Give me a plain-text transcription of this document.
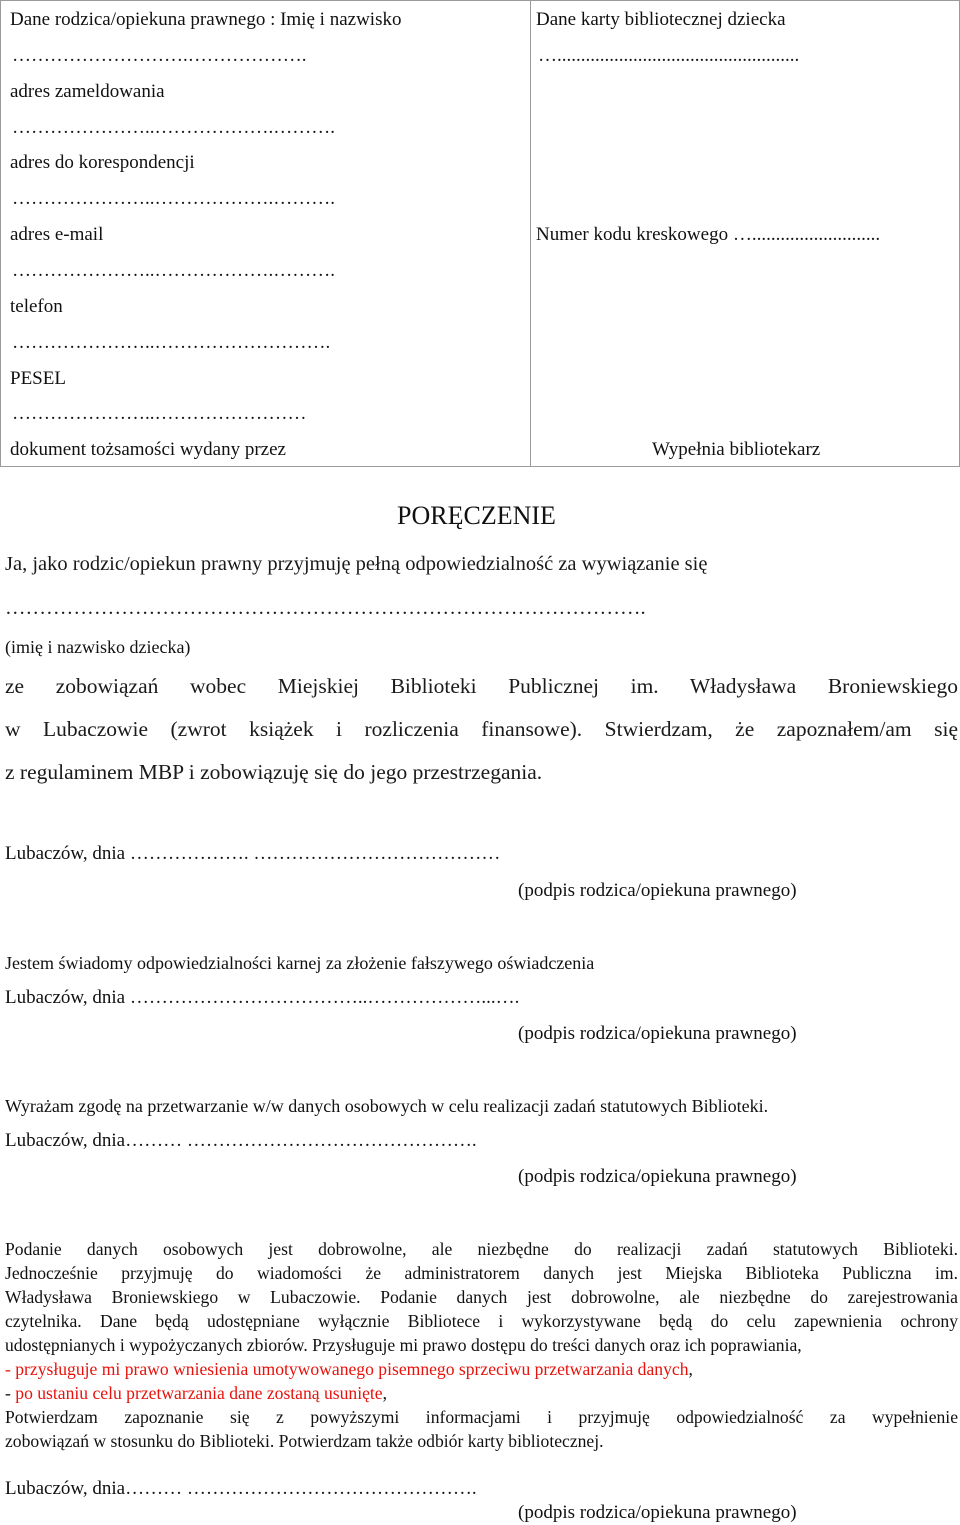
Dane rodzica/opiekuna prawnego : Imię i nazwisko
……………………….……………….
adres zameldowania
…………………..……………….……….
adres do korespondencji
…………………..……………….……….
adres e-mail
…………………..……………….……….
telefon
…………………..……………………….
PESEL
…………………..……………………
dokument tożsamości wydany przez
Dane karty bibliotecznej dziecka
…...................................................
Numer kodu kreskowego …...........................
Wypełnia bibliotekarz
PORĘCZENIE
Ja, jako rodzic/opiekun prawny przyjmuję pełną odpowiedzialność za wywiązanie się
………………………………………………………………………………….
(imię i nazwisko dziecka)
ze zobowiązań wobec Miejskiej Biblioteki Publicznej im. Władysława Broniewskiego
w Lubaczowie (zwrot książek i rozliczenia finansowe). Stwierdzam, że zapoznałem/am się
z regulaminem MBP i zobowiązuję się do jego przestrzegania.
Lubaczów, dnia ………………. …………………………………
(podpis rodzica/opiekuna prawnego)
Jestem świadomy odpowiedzialności karnej za złożenie fałszywego oświadczenia
Lubaczów, dnia ………………………………..………………...….
(podpis rodzica/opiekuna prawnego)
Wyrażam zgodę na przetwarzanie w/w danych osobowych w celu realizacji zadań statutowych Biblioteki.
Lubaczów, dnia……… ……………………………………….
(podpis rodzica/opiekuna prawnego)
Podanie danych osobowych jest dobrowolne, ale niezbędne do realizacji zadań statutowych Biblioteki.
Jednocześnie przyjmuję do wiadomości że administratorem danych jest Miejska Biblioteka Publiczna im.
Władysława Broniewskiego w Lubaczowie. Podanie danych jest dobrowolne, ale niezbędne do zarejestrowania
czytelnika. Dane będą udostępniane wyłącznie Bibliotece i wykorzystywane będą do celu zapewnienia ochrony
udostępnianych i wypożyczanych zbiorów. Przysługuje mi prawo dostępu do treści danych oraz ich poprawiania,
- przysługuje mi prawo wniesienia umotywowanego pisemnego sprzeciwu przetwarzania danych,
- po ustaniu celu przetwarzania dane zostaną usunięte,
Potwierdzam zapoznanie się z powyższymi informacjami i przyjmuję odpowiedzialność za wypełnienie
zobowiązań w stosunku do Biblioteki. Potwierdzam także odbiór karty bibliotecznej.
Lubaczów, dnia……… ……………………………………….
(podpis rodzica/opiekuna prawnego)
